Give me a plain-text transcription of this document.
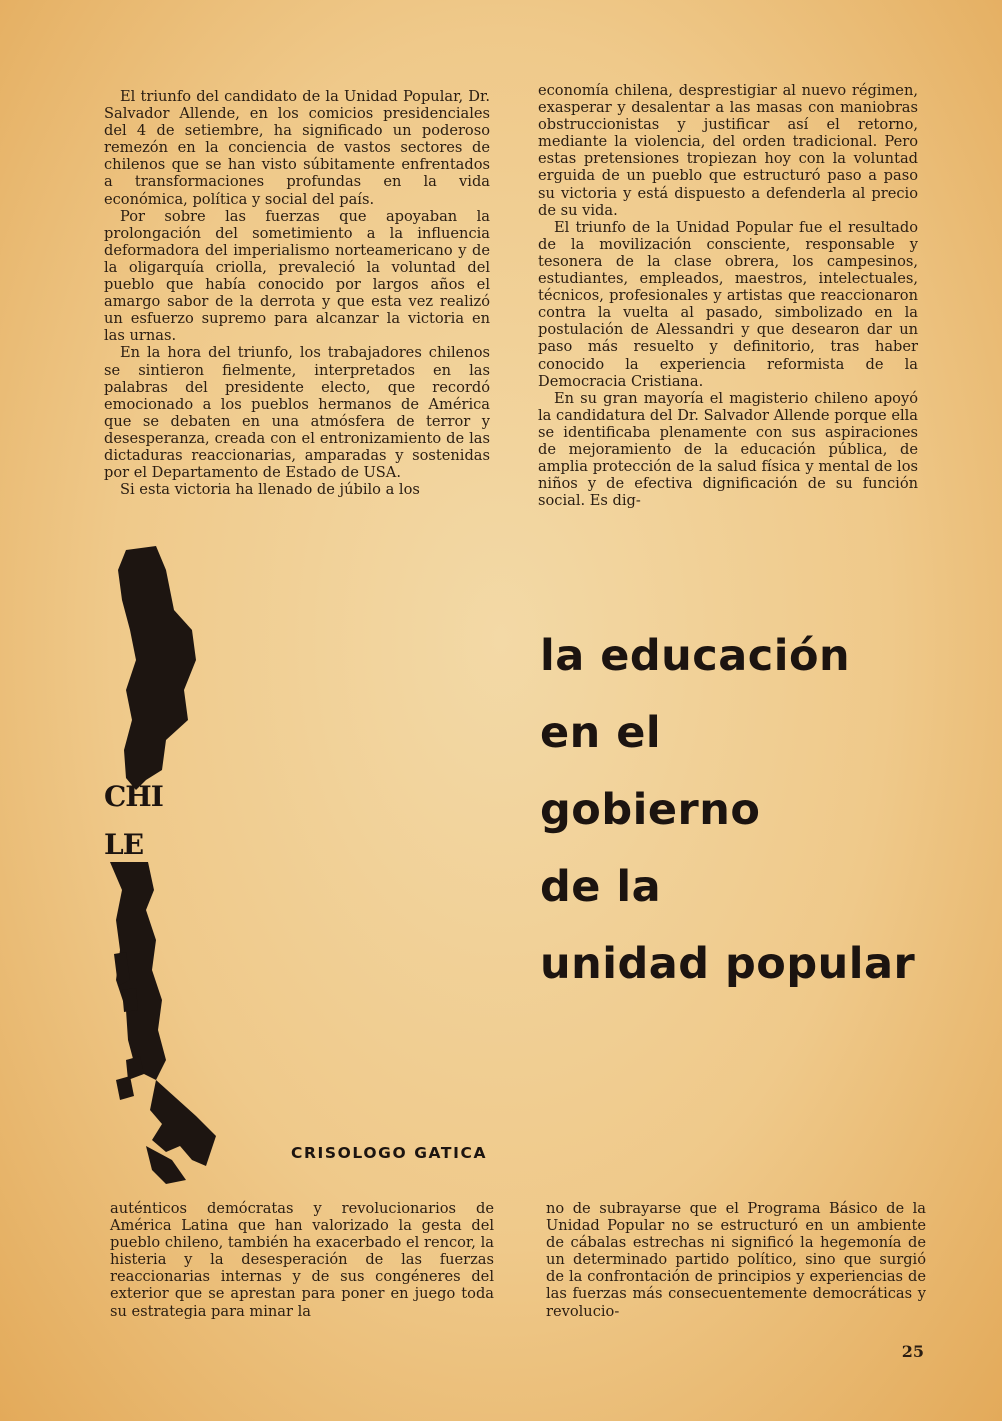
El triunfo del candidato de la Unidad Popular, Dr. Salvador Allende, en los comicios presidenciales del 4 de setiembre, ha significado un poderoso remezón en la conciencia de vastos sectores de chilenos que se han visto súbitamente enfrentados a transformaciones profundas en la vida económica, política y social del país.

Por sobre las fuerzas que apoyaban la prolongación del sometimiento a la influencia deformadora del imperialismo norteamericano y de la oligarquía criolla, prevaleció la voluntad del pueblo que había conocido por largos años el amargo sabor de la derrota y que esta vez realizó un esfuerzo supremo para alcanzar la victoria en las urnas.

En la hora del triunfo, los trabajadores chilenos se sintieron fielmente, interpretados en las palabras del presidente electo, que recordó emocionado a los pueblos hermanos de América que se debaten en una atmósfera de terror y desesperanza, creada con el entronizamiento de las dictaduras reaccionarias, amparadas y sostenidas por el Departamento de Estado de USA.

Si esta victoria ha llenado de júbilo a los

economía chilena, desprestigiar al nuevo régimen, exasperar y desalentar a las masas con maniobras obstruccionistas y justificar así el retorno, mediante la violencia, del orden tradicional. Pero estas pretensiones tropiezan hoy con la voluntad erguida de un pueblo que estructuró paso a paso su victoria y está dispuesto a defenderla al precio de su vida.

El triunfo de la Unidad Popular fue el resultado de la movilización consciente, responsable y tesonera de la clase obrera, los campesinos, estudiantes, empleados, maestros, intelectuales, técnicos, profesionales y artistas que reaccionaron contra la vuelta al pasado, simbolizado en la postulación de Alessandri y que desearon dar un paso más resuelto y definitorio, tras haber conocido la experiencia reformista de la Democracia Cristiana.

En su gran mayoría el magisterio chileno apoyó la candidatura del Dr. Salvador Allende porque ella se identificaba plenamente con sus aspiraciones de mejoramiento de la educación pública, de amplia protección de la salud física y mental de los niños y de efectiva dignificación de su función social. Es dig-

CHI
LE
la educación
en el
gobierno
de la
unidad popular
CRISOLOGO GATICA

auténticos demócratas y revolucionarios de América Latina que han valorizado la gesta del pueblo chileno, también ha exacerbado el rencor, la histeria y la desesperación de las fuerzas reaccionarias internas y de sus congéneres del exterior que se aprestan para poner en juego toda su estrategia para minar la

no de subrayarse que el Programa Básico de la Unidad Popular no se estructuró en un ambiente de cábalas estrechas ni significó la hegemonía de un determinado partido político, sino que surgió de la confrontación de principios y experiencias de las fuerzas más consecuentemente democráticas y revolucio-

25
